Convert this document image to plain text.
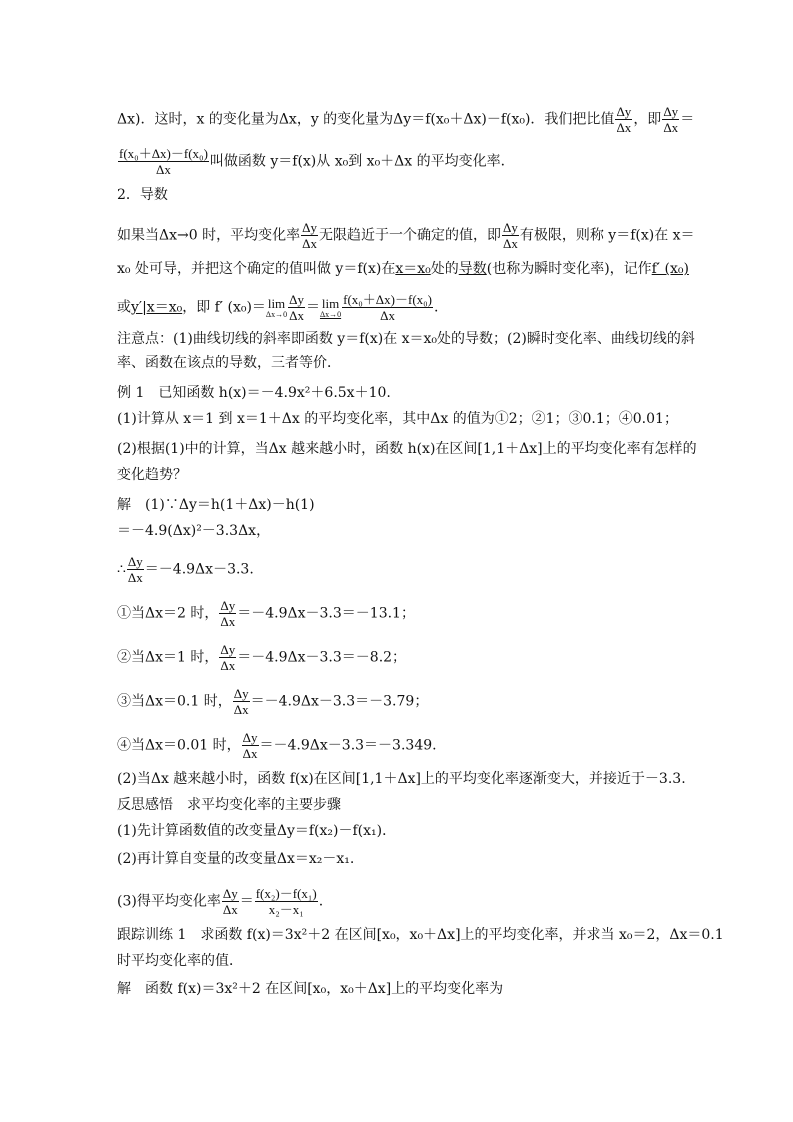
Δx)．这时，x 的变化量为Δx，y 的变化量为Δy＝f(x₀＋Δx)－f(x₀)．我们把比值 $\frac{\Delta y}{\Delta x}$ ，即 $\frac{\Delta y}{\Delta x}$ ＝
$\frac{\text{f(x₀＋Δx)－f(x₀)}}{\Delta x}$ 叫做函数 y＝f(x)从 x₀到 x₀＋Δx 的平均变化率．
2．导数
如果当Δx→0 时，平均变化率 $\frac{\Delta y}{\Delta x}$ 无限趋近于一个确定的值，即 $\frac{\Delta y}{\Delta x}$ 有极限，则称 y＝f(x)在 x＝
x₀ 处可导，并把这个确定的值叫做 y＝f(x)在x＝x₀处的导数(也称为瞬时变化率)，记作f′ (x₀)
或y′|x＝x₀，即 f′ (x₀)＝ lim
$\Delta x\to 0 \frac{\Delta y}{\Delta x} = \lim$
$\Delta x\to 0 \frac{\text{f(x₀＋Δx)－f(x₀)}}{\Delta x}$ .
注意点：(1)曲线切线的斜率即函数 y＝f(x)在 x＝x₀处的导数；(2)瞬时变化率、曲线切线的斜
率、函数在该点的导数，三者等价．
例 1　已知函数 h(x)＝－4.9x²＋6.5x＋10.
(1)计算从 x＝1 到 x＝1＋Δx 的平均变化率，其中Δx 的值为①2；②1；③0.1；④0.01；
(2)根据(1)中的计算，当Δx 越来越小时，函数 h(x)在区间[1,1＋Δx]上的平均变化率有怎样的
变化趋势？
解　(1)∵Δy＝h(1＋Δx)－h(1)
＝－4.9(Δx)²－3.3Δx，
∴ $\frac{\Delta y}{\Delta x} =-4.9\Delta x-3.3$.
①当Δx＝2 时， $\frac{\Delta y}{\Delta x} =-4.9\Delta x-3.3=-13.1$；
②当Δx＝1 时， $\frac{\Delta y}{\Delta x} =-4.9\Delta x-3.3=-8.2$；
③当Δx＝0.1 时， $\frac{\Delta y}{\Delta x} =-4.9\Delta x-3.3=-3.79$；
④当Δx＝0.01 时， $\frac{\Delta y}{\Delta x} =-4.9\Delta x-3.3=-3.349$.
(2)当Δx 越来越小时，函数 f(x)在区间[1,1＋Δx]上的平均变化率逐渐变大，并接近于－3.3.
反思感悟　求平均变化率的主要步骤
(1)先计算函数值的改变量Δy＝f(x₂)－f(x₁)．
(2)再计算自变量的改变量Δx＝x₂－x₁.
(3)得平均变化率 $\frac{\Delta y}{\Delta x} = \frac{\text{f(x₂)－f(x₁)}}{\text{x₂－x₁}}$ .
跟踪训练 1　求函数 f(x)＝3x²＋2 在区间[x₀，x₀＋Δx]上的平均变化率，并求当 x₀＝2，Δx＝0.1
时平均变化率的值．
解　函数 f(x)＝3x²＋2 在区间[x₀，x₀＋Δx]上的平均变化率为
